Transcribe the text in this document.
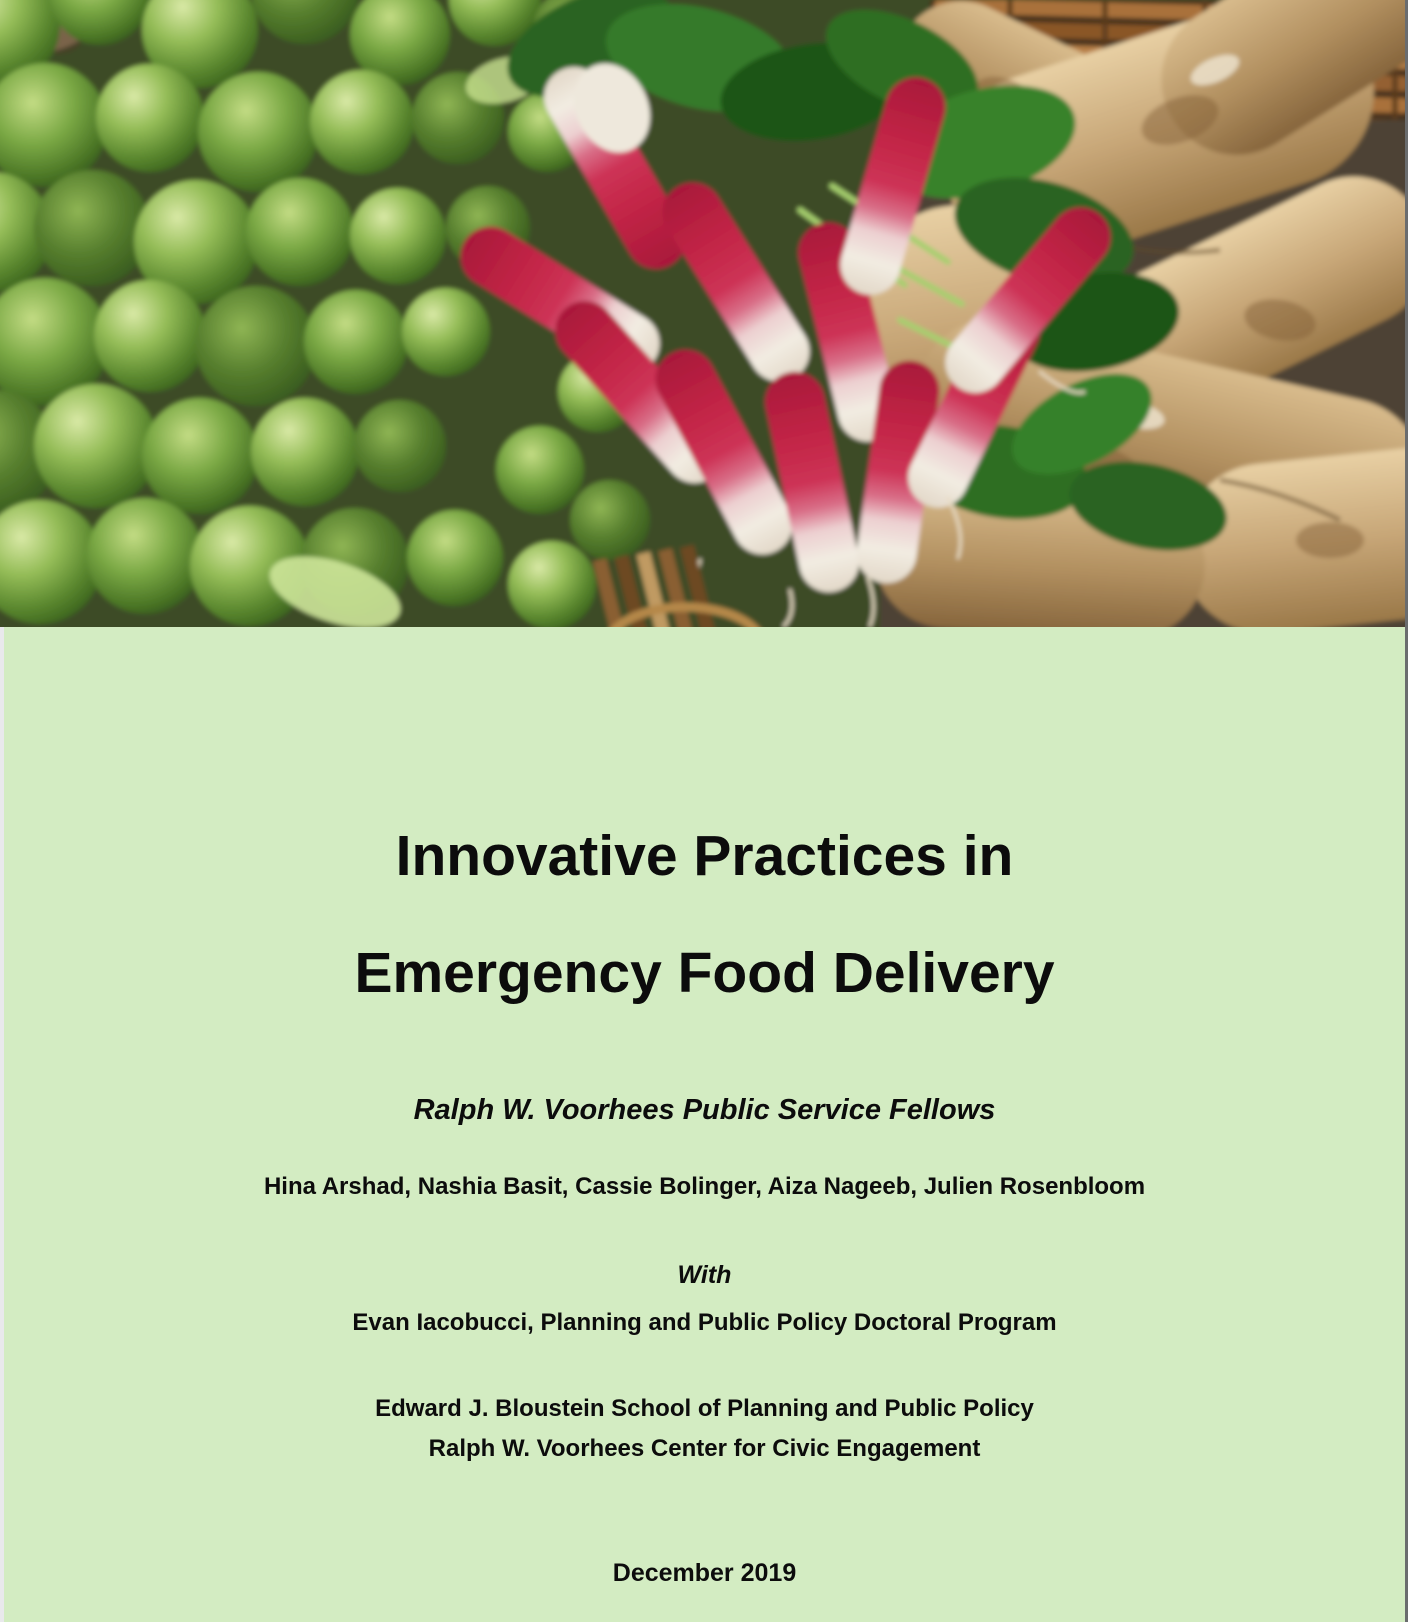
Innovative Practices in
Emergency Food Delivery
Ralph W. Voorhees Public Service Fellows
Hina Arshad, Nashia Basit, Cassie Bolinger, Aiza Nageeb, Julien Rosenbloom
With
Evan Iacobucci, Planning and Public Policy Doctoral Program
Edward J. Bloustein School of Planning and Public Policy
Ralph W. Voorhees Center for Civic Engagement
December 2019
